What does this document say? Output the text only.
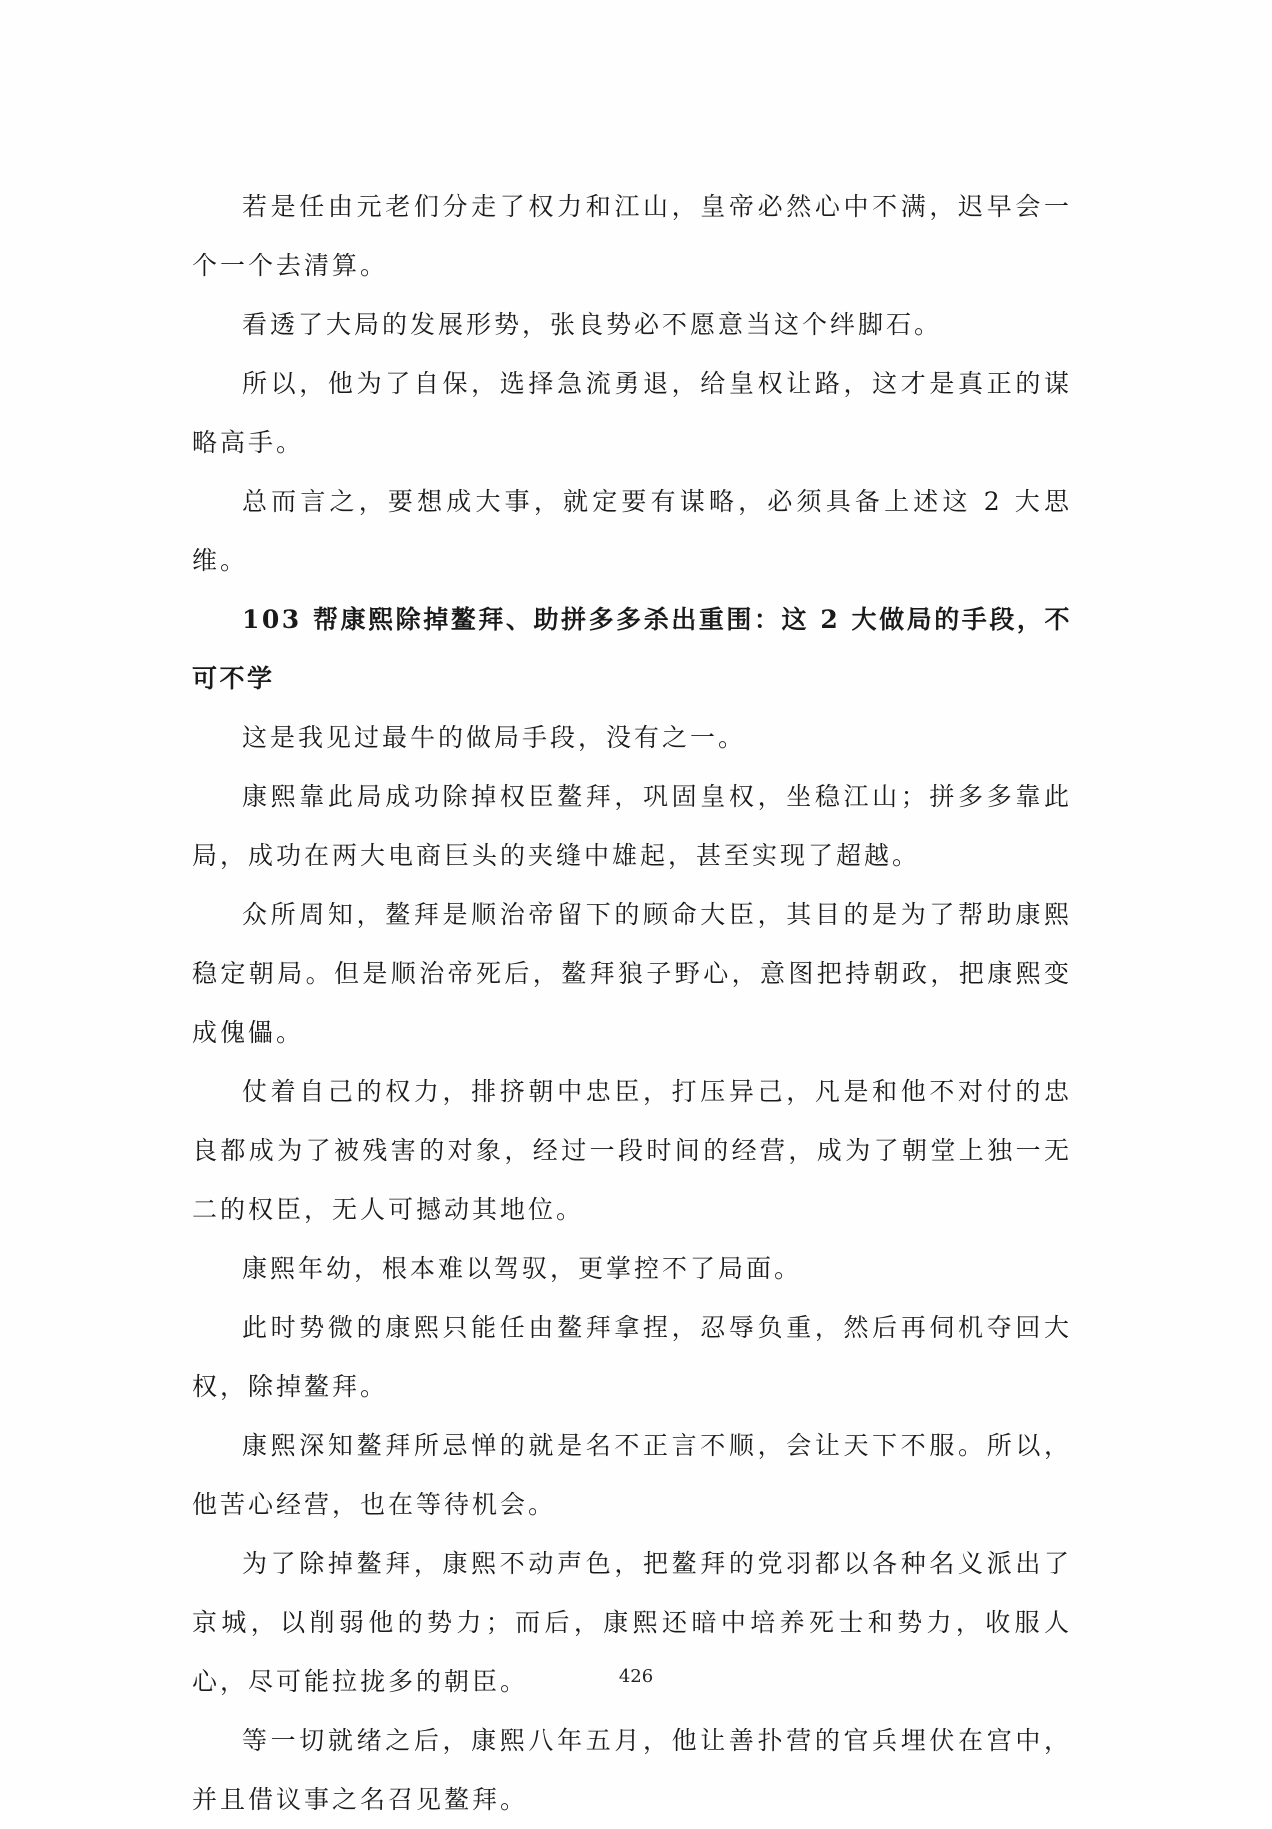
若是任由元老们分走了权力和江山，皇帝必然心中不满，迟早会一个一个去清算。

看透了大局的发展形势，张良势必不愿意当这个绊脚石。

所以，他为了自保，选择急流勇退，给皇权让路，这才是真正的谋略高手。

总而言之，要想成大事，就定要有谋略，必须具备上述这 2 大思维。

103 帮康熙除掉鳌拜、助拼多多杀出重围：这 2 大做局的手段，不可不学

这是我见过最牛的做局手段，没有之一。

康熙靠此局成功除掉权臣鳌拜，巩固皇权，坐稳江山；拼多多靠此局，成功在两大电商巨头的夹缝中雄起，甚至实现了超越。

众所周知，鳌拜是顺治帝留下的顾命大臣，其目的是为了帮助康熙稳定朝局。但是顺治帝死后，鳌拜狼子野心，意图把持朝政，把康熙变成傀儡。

仗着自己的权力，排挤朝中忠臣，打压异己，凡是和他不对付的忠良都成为了被残害的对象，经过一段时间的经营，成为了朝堂上独一无二的权臣，无人可撼动其地位。

康熙年幼，根本难以驾驭，更掌控不了局面。

此时势微的康熙只能任由鳌拜拿捏，忍辱负重，然后再伺机夺回大权，除掉鳌拜。

康熙深知鳌拜所忌惮的就是名不正言不顺，会让天下不服。所以， 他苦心经营，也在等待机会。

为了除掉鳌拜，康熙不动声色，把鳌拜的党羽都以各种名义派出了京城，以削弱他的势力；而后，康熙还暗中培养死士和势力，收服人心，尽可能拉拢多的朝臣。

等一切就绪之后，康熙八年五月，他让善扑营的官兵埋伏在宫中，并且借议事之名召见鳌拜。

426
